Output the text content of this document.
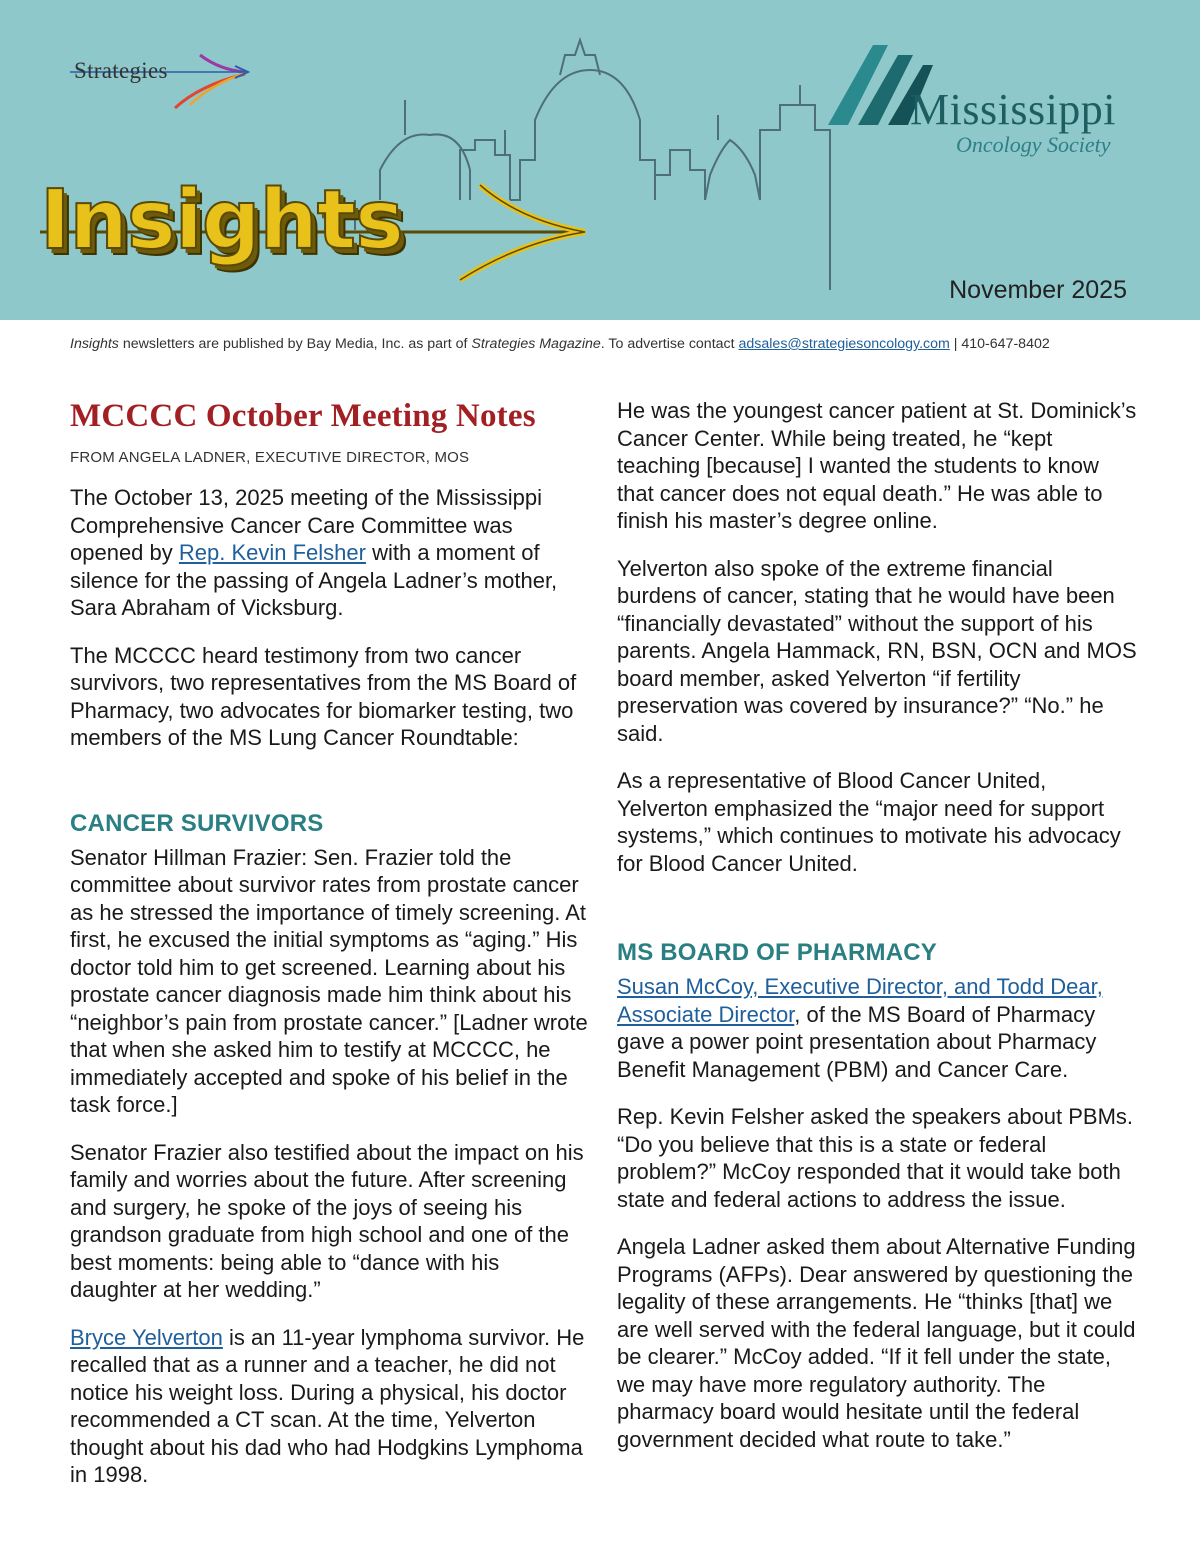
Strategies
Insights
Mississippi
Oncology Society
November 2025
Insights newsletters are published by Bay Media, Inc. as part of Strategies Magazine. To advertise contact adsales@strategiesoncology.com | 410-647-8402
MCCCC October Meeting Notes
FROM ANGELA LADNER, EXECUTIVE DIRECTOR, MOS

The October 13, 2025 meeting of the Mississippi Comprehensive Cancer Care Committee was opened by Rep. Kevin Felsher with a moment of silence for the passing of Angela Ladner’s mother, Sara Abraham of Vicksburg.

The MCCCC heard testimony from two cancer survivors, two representatives from the MS Board of Pharmacy, two advocates for biomarker testing, two members of the MS Lung Cancer Roundtable:

CANCER SURVIVORS

Senator Hillman Frazier: Sen. Frazier told the committee about survivor rates from prostate cancer as he stressed the importance of timely screening. At first, he excused the initial symptoms as “aging.” His doctor told him to get screened. Learning about his prostate cancer diagnosis made him think about his “neighbor’s pain from prostate cancer.” [Ladner wrote that when she asked him to testify at MCCCC, he immediately accepted and spoke of his belief in the task force.]

Senator Frazier also testified about the impact on his family and worries about the future. After screening and surgery, he spoke of the joys of seeing his grandson graduate from high school and one of the best moments: being able to “dance with his daughter at her wedding.”

Bryce Yelverton is an 11-year lymphoma survivor. He recalled that as a runner and a teacher, he did not notice his weight loss. During a physical, his doctor recommended a CT scan. At the time, Yelverton thought about his dad who had Hodgkins Lymphoma in 1998.

He was the youngest cancer patient at St. Dominick’s Cancer Center. While being treated, he “kept teaching [because] I wanted the students to know that cancer does not equal death.” He was able to finish his master’s degree online.

Yelverton also spoke of the extreme financial burdens of cancer, stating that he would have been “financially devastated” without the support of his parents. Angela Hammack, RN, BSN, OCN and MOS board member, asked Yelverton “if fertility preservation was covered by insurance?” “No.” he said.

As a representative of Blood Cancer United, Yelverton emphasized the “major need for support systems,” which continues to motivate his advocacy for Blood Cancer United.

MS BOARD OF PHARMACY

Susan McCoy, Executive Director, and Todd Dear, Associate Director, of the MS Board of Pharmacy gave a power point presentation about Pharmacy Benefit Management (PBM) and Cancer Care.

Rep. Kevin Felsher asked the speakers about PBMs. “Do you believe that this is a state or federal problem?” McCoy responded that it would take both state and federal actions to address the issue.

Angela Ladner asked them about Alternative Funding Programs (AFPs). Dear answered by questioning the legality of these arrangements. He “thinks [that] we are well served with the federal language, but it could be clearer.” McCoy added. “If it fell under the state, we may have more regulatory authority. The pharmacy board would hesitate until the federal government decided what route to take.”
